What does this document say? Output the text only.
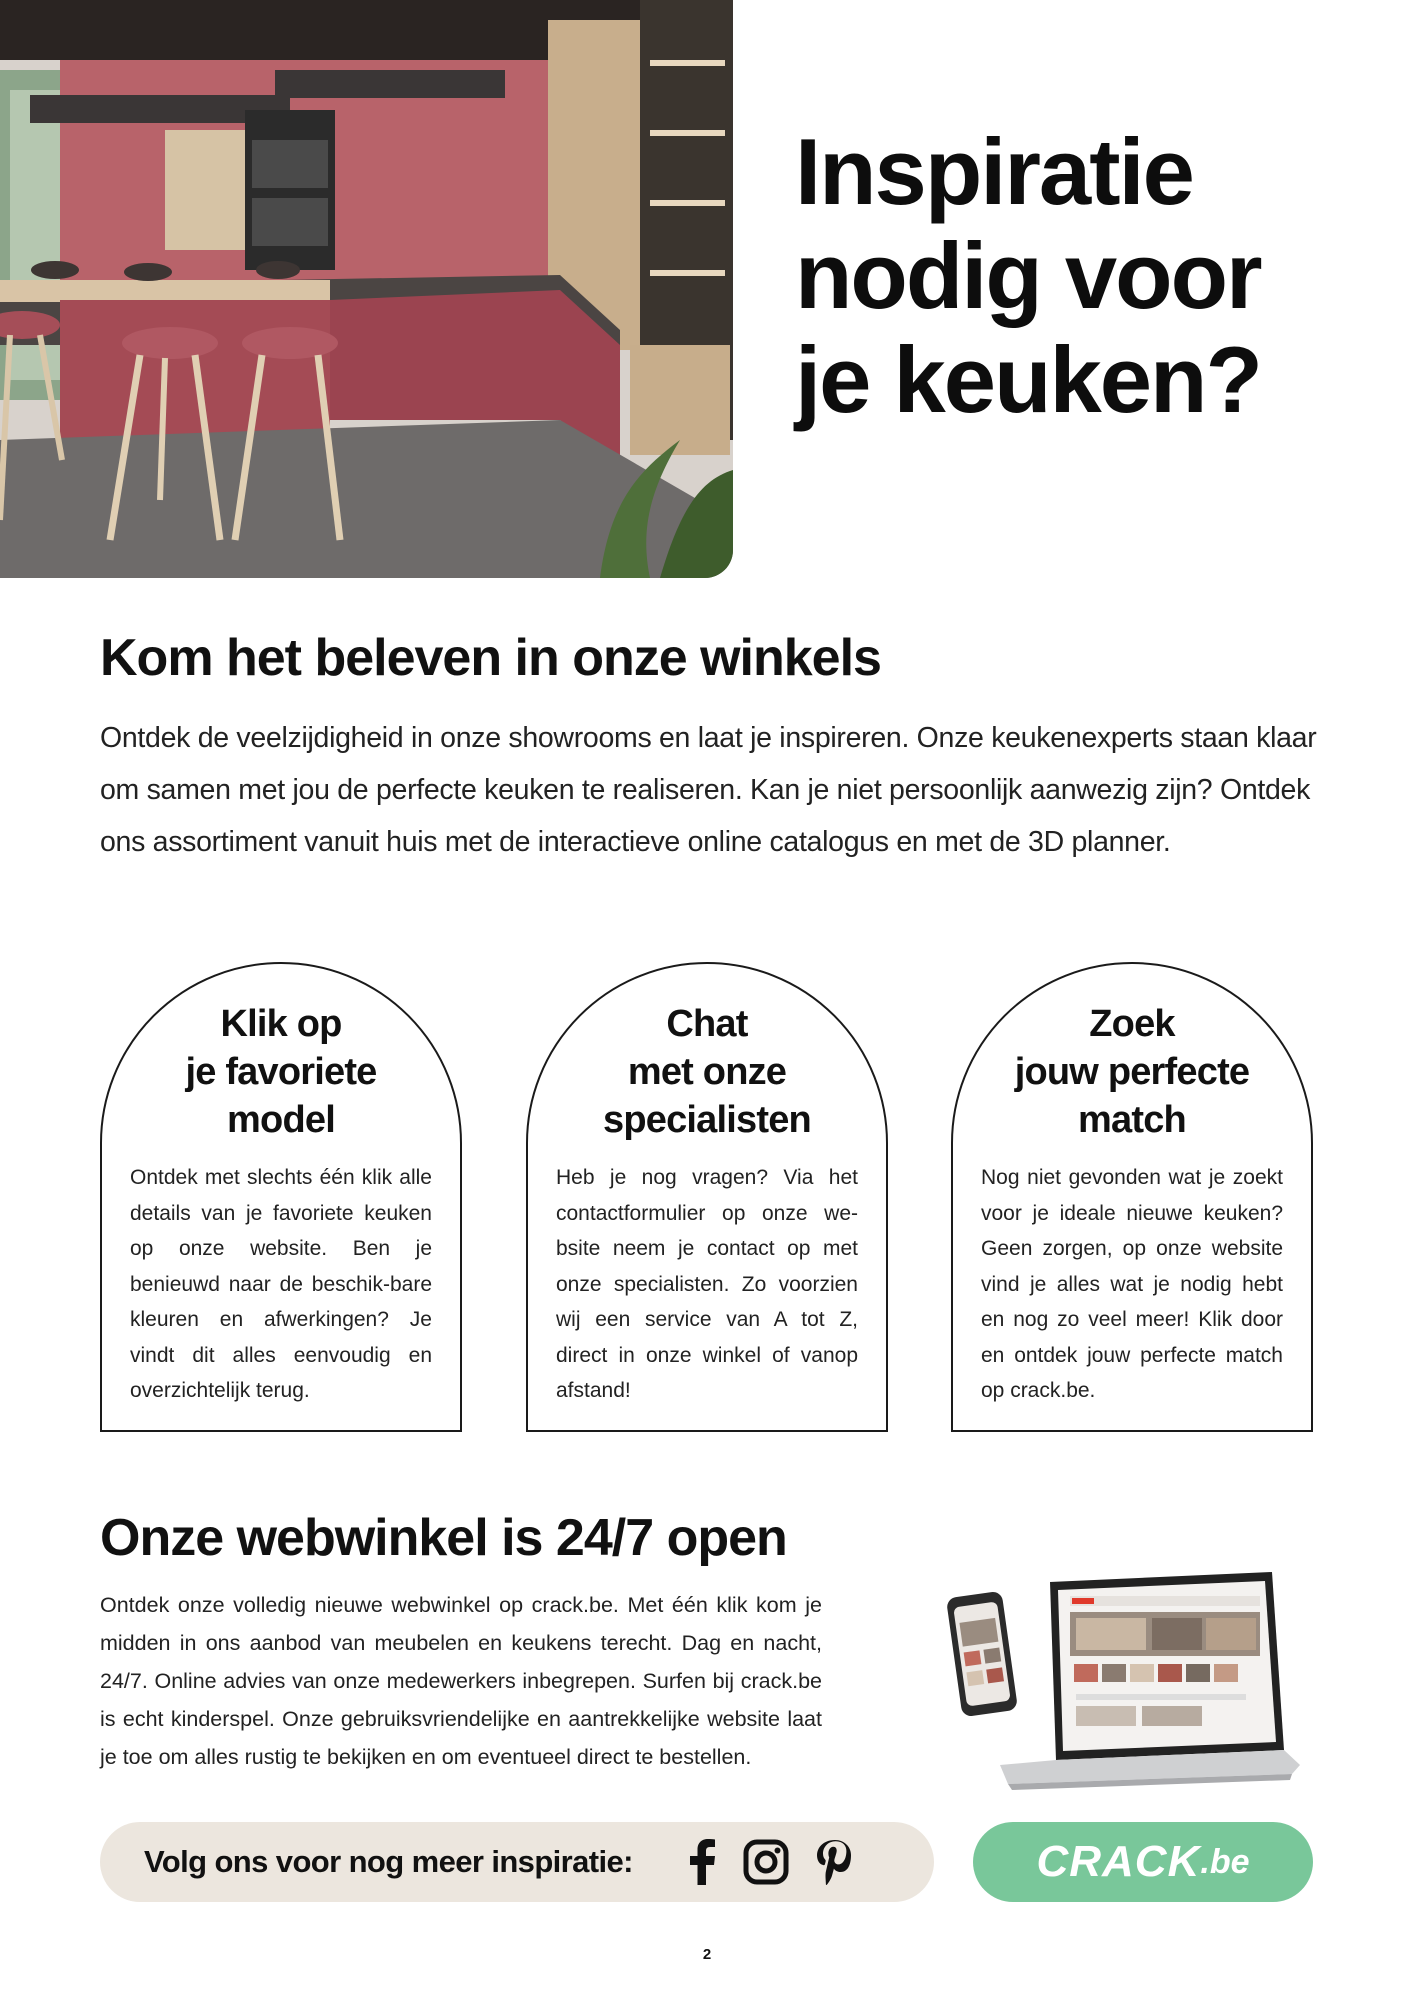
Inspiratie nodig voor je keuken?
Kom het beleven in onze winkels

Ontdek de veelzijdigheid in onze showrooms en laat je inspireren. Onze keukenexperts staan klaar om samen met jou de perfecte keuken te realiseren. Kan je niet persoonlijk aanwezig zijn? Ontdek ons assortiment vanuit huis met de interactieve online catalogus en met de 3D planner.

Klik op
je favoriete
model

Ontdek met slechts één klik alle details van je favoriete keuken op onze website. Ben je benieuwd naar de beschik-bare kleuren en afwerkingen? Je vindt dit alles eenvoudig en overzichtelijk terug.

Chat
met onze
specialisten

Heb je nog vragen? Via het contactformulier op onze we-bsite neem je contact op met onze specialisten. Zo voorzien wij een service van A tot Z, direct in onze winkel of vanop afstand!

Zoek
jouw perfecte
match

Nog niet gevonden wat je zoekt voor je ideale nieuwe keuken? Geen zorgen, op onze website vind je alles wat je nodig hebt en nog zo veel meer! Klik door en ontdek jouw perfecte match op crack.be.

Onze webwinkel is 24/7 open

Ontdek onze volledig nieuwe webwinkel op crack.be. Met één klik kom je midden in ons aanbod van meubelen en keukens terecht. Dag en nacht, 24/7. Online advies van onze medewerkers inbegrepen. Surfen bij crack.be is echt kinderspel. Onze gebruiksvriendelijke en aantrekkelijke website laat je toe om alles rustig te bekijken en om eventueel direct te bestellen.

Volg ons voor nog meer inspiratie:	CRACK .be
2
